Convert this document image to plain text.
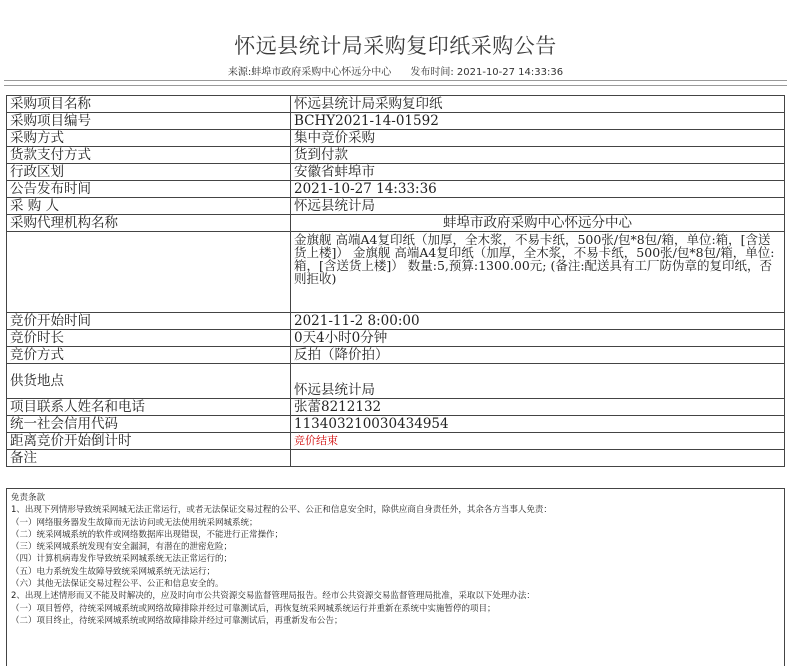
怀远县统计局采购复印纸采购公告
来源:蚌埠市政府采购中心怀远分中心 发布时间: 2021-10-27 14:33:36
采购项目名称	怀远县统计局采购复印纸
采购项目编号	BCHY2021-14-01592
采购方式	集中竞价采购
货款支付方式	货到付款
行政区划	安徽省蚌埠市
公告发布时间	2021-10-27 14:33:36
采 购 人	怀远县统计局
采购代理机构名称	蚌埠市政府采购中心怀远分中心
	金旗舰 高端A4复印纸（加厚，全木浆，不易卡纸，500张/包*8包/箱，单位:箱，[含送货上楼]） 金旗舰 高端A4复印纸（加厚，全木浆，不易卡纸，500张/包*8包/箱，单位:箱，[含送货上楼]） 数量:5,预算:1300.00元; (备注:配送具有工厂防伪章的复印纸，否则拒收)
竞价开始时间	2021-11-2 8:00:00
竞价时长	0天4小时0分钟
竞价方式	反拍（降价拍）
供货地点	怀远县统计局
项目联系人姓名和电话	张蕾8212132
统一社会信用代码	11340321003043495​4
距离竞价开始倒计时	竞价结束
备注	
免责条款
1、出现下列情形导致统采网城无法正常运行，或者无法保证交易过程的公平、公正和信息安全时，除供应商自身责任外，其余各方当事人免责：
（一）网络服务器发生故障而无法访问或无法使用统采网城系统；
（二）统采网城系统的软件或网络数据库出现错误，不能进行正常操作；
（三）统采网城系统发现有安全漏洞，有潜在的泄密危险；
（四）计算机病毒发作导致统采网城系统无法正常运行的；
（五）电力系统发生故障导致统采网城系统无法运行；
（六）其他无法保证交易过程公平、公正和信息安全的。
2、出现上述情形而又不能及时解决的，应及时向市公共资源交易监督管理局报告。经市公共资源交易监督管理局批准，采取以下处理办法：
（一）项目暂停，待统采网城系统或网络故障排除并经过可靠测试后，再恢复统采网城系统运行并重新在系统中实施暂停的项目；
（二）项目终止，待统采网城系统或网络故障排除并经过可靠测试后，再重新发布公告；
